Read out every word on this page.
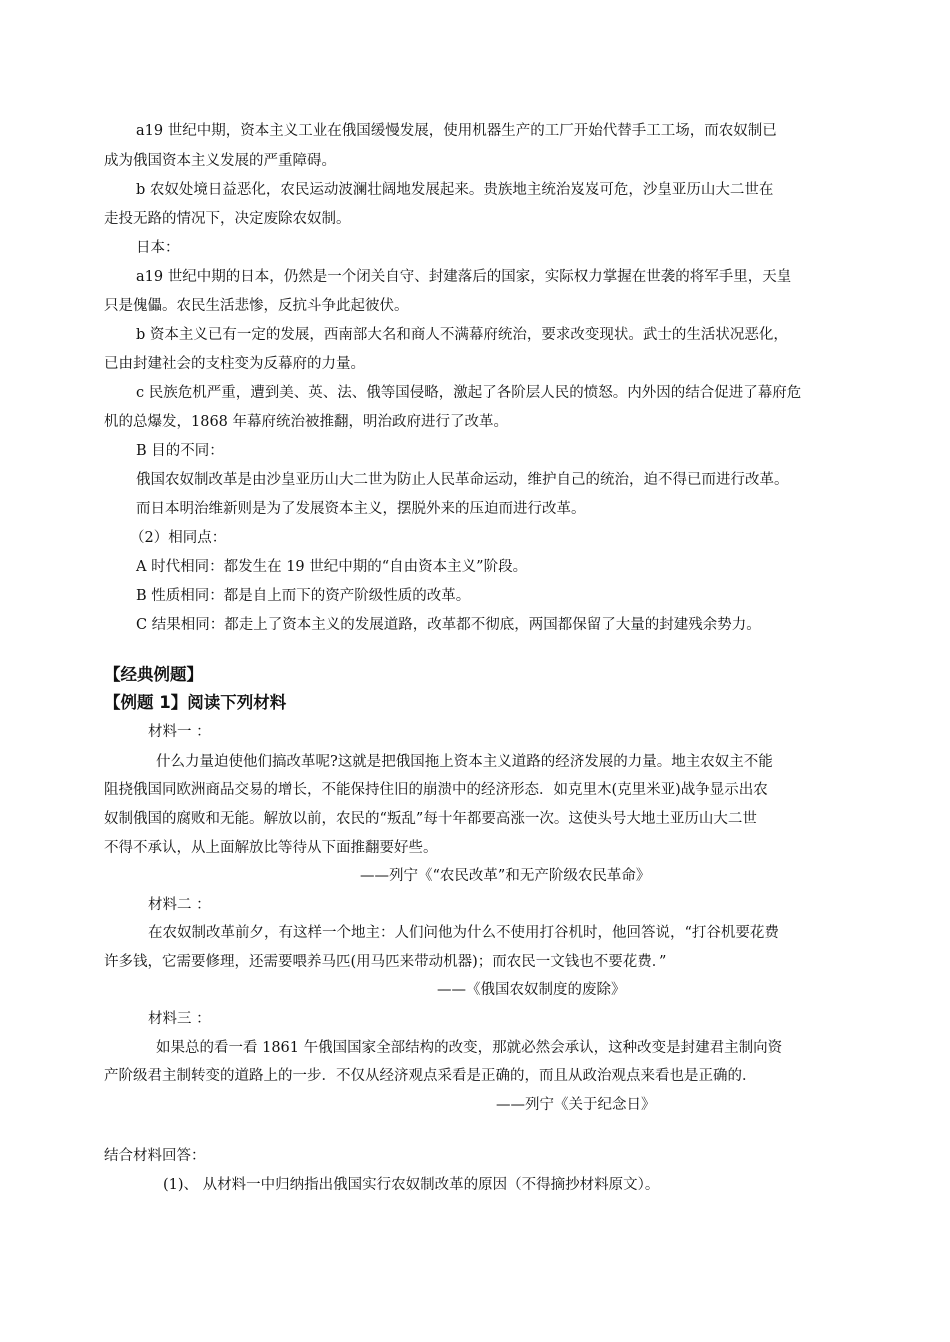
a19 世纪中期，资本主义工业在俄国缓慢发展，使用机器生产的工厂开始代替手工工场，而农奴制已
成为俄国资本主义发展的严重障碍。
b 农奴处境日益恶化，农民运动波澜壮阔地发展起来。贵族地主统治岌岌可危，沙皇亚历山大二世在
走投无路的情况下，决定废除农奴制。
日本：
a19 世纪中期的日本，仍然是一个闭关自守、封建落后的国家，实际权力掌握在世袭的将军手里，天皇
只是傀儡。农民生活悲惨，反抗斗争此起彼伏。
b 资本主义已有一定的发展，西南部大名和商人不满幕府统治，要求改变现状。武士的生活状况恶化，
已由封建社会的支柱变为反幕府的力量。
c 民族危机严重，遭到美、英、法、俄等国侵略，激起了各阶层人民的愤怒。内外因的结合促进了幕府危
机的总爆发，1868 年幕府统治被推翻，明治政府进行了改革。
B 目的不同：
俄国农奴制改革是由沙皇亚历山大二世为防止人民革命运动，维护自己的统治，迫不得已而进行改革。
而日本明治维新则是为了发展资本主义，摆脱外来的压迫而进行改革。
（2）相同点：
A 时代相同：都发生在 19 世纪中期的“自由资本主义”阶段。
B 性质相同：都是自上而下的资产阶级性质的改革。
C 结果相同：都走上了资本主义的发展道路，改革都不彻底，两国都保留了大量的封建残余势力。
【经典例题】
【例题 1】阅读下列材料
材料一 ：
什么力量迫使他们搞改革呢?这就是把俄国拖上资本主义道路的经济发展的力量。地主农奴主不能
阻挠俄国同欧洲商品交易的增长，不能保持住旧的崩溃中的经济形态．如克里木(克里米亚)战争显示出农
奴制俄国的腐败和无能。解放以前，农民的“叛乱”每十年都要高涨一次。这使头号大地土亚历山大二世
不得不承认，从上面解放比等待从下面推翻要好些。
——列宁《“农民改革”和无产阶级农民革命》
材料二 ：
在农奴制改革前夕，有这样一个地主：人们问他为什么不使用打谷机时，他回答说，“打谷机要花费
许多钱，它需要修理，还需要喂养马匹(用马匹来带动机器)；而农民一文钱也不要花费．”
——《俄国农奴制度的废除》
材料三 ：
如果总的看一看 1861 午俄国国家全部结构的改变，那就必然会承认，这种改变是封建君主制向资
产阶级君主制转变的道路上的一步．不仅从经济观点采看是正确的，而且从政治观点来看也是正确的．
——列宁《关于纪念日》
结合材料回答：
(1)、 从材料一中归纳指出俄国实行农奴制改革的原因（不得摘抄材料原文）。
